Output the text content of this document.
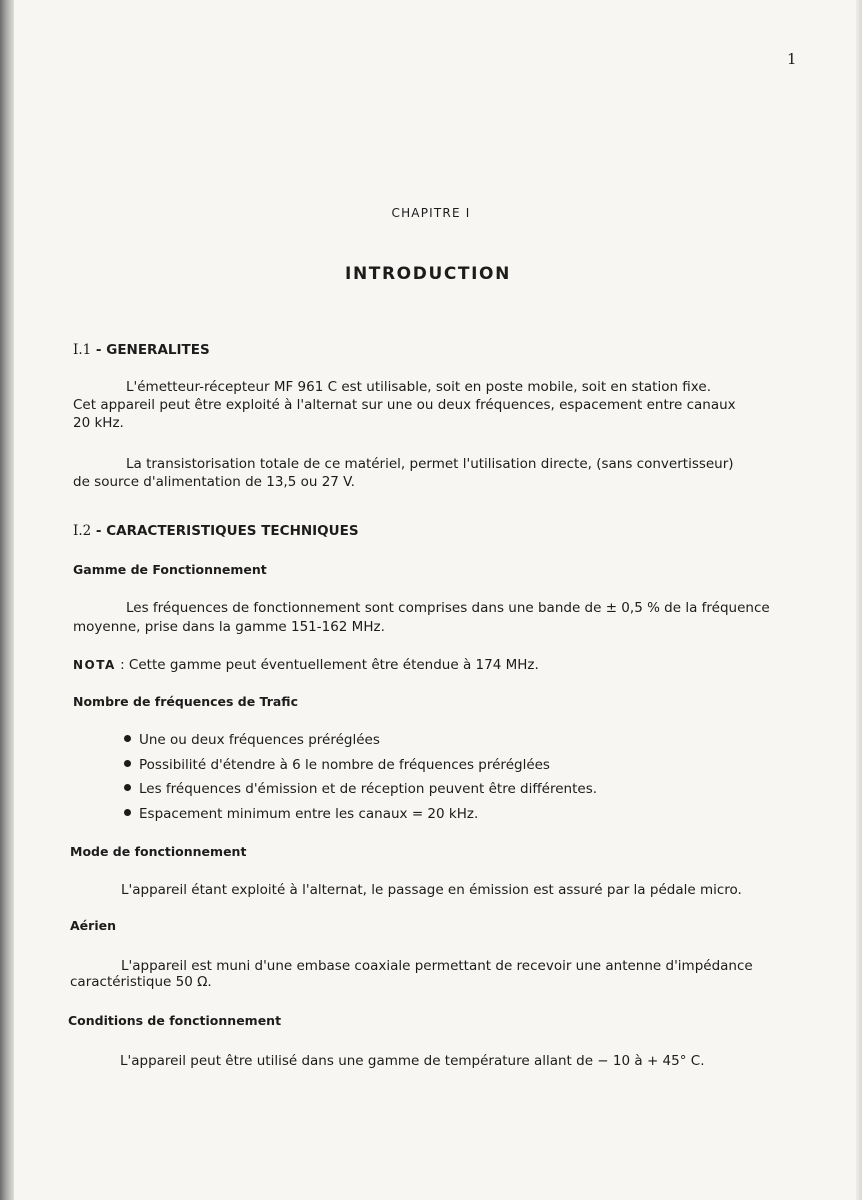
1
CHAPITRE I
INTRODUCTION
I.1 - GENERALITES
L'émetteur-récepteur MF 961 C est utilisable, soit en poste mobile, soit en station fixe.
Cet appareil peut être exploité à l'alternat sur une ou deux fréquences, espacement entre canaux
20 kHz.
La transistorisation totale de ce matériel, permet l'utilisation directe, (sans convertisseur)
de source d'alimentation de 13,5 ou 27 V.
I.2 - CARACTERISTIQUES TECHNIQUES
Gamme de Fonctionnement
Les fréquences de fonctionnement sont comprises dans une bande de ± 0,5 % de la fréquence
moyenne, prise dans la gamme 151-162 MHz.
NOTA : Cette gamme peut éventuellement être étendue à 174 MHz.
Nombre de fréquences de Trafic
Une ou deux fréquences préréglées
Possibilité d'étendre à 6 le nombre de fréquences préréglées
Les fréquences d'émission et de réception peuvent être différentes.
Espacement minimum entre les canaux = 20 kHz.
Mode de fonctionnement
L'appareil étant exploité à l'alternat, le passage en émission est assuré par la pédale micro.
Aérien
L'appareil est muni d'une embase coaxiale permettant de recevoir une antenne d'impédance
caractéristique 50 Ω.
Conditions de fonctionnement
L'appareil peut être utilisé dans une gamme de température allant de − 10 à + 45° C.
